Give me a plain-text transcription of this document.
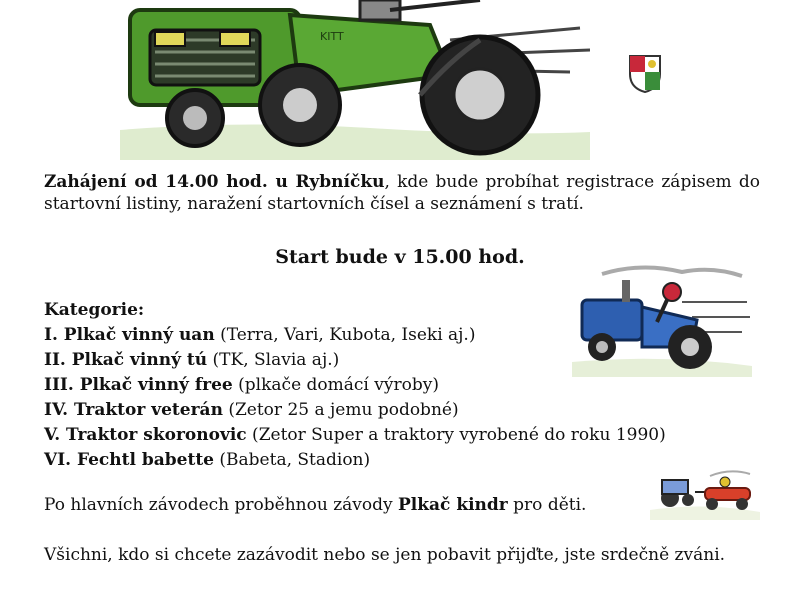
KITT
Zahájení od 14.00 hod. u Rybníčku, kde bude probíhat registrace zápisem do startovní listiny, naražení startovních čísel a seznámení s tratí.
Start bude v 15.00 hod.
Kategorie:
I. Plkač vinný uan (Terra, Vari, Kubota, Iseki aj.)
II. Plkač vinný tú (TK, Slavia aj.)
III. Plkač vinný free (plkače domácí výroby)
IV. Traktor veterán (Zetor 25 a jemu podobné)
V. Traktor skoronovic (Zetor Super a traktory vyrobené do roku 1990)
VI. Fechtl babette (Babeta, Stadion)
Po hlavních závodech proběhnou závody Plkač kindr pro děti.
Všichni, kdo si chcete zazávodit nebo se jen pobavit přijďte, jste srdečně zváni.
